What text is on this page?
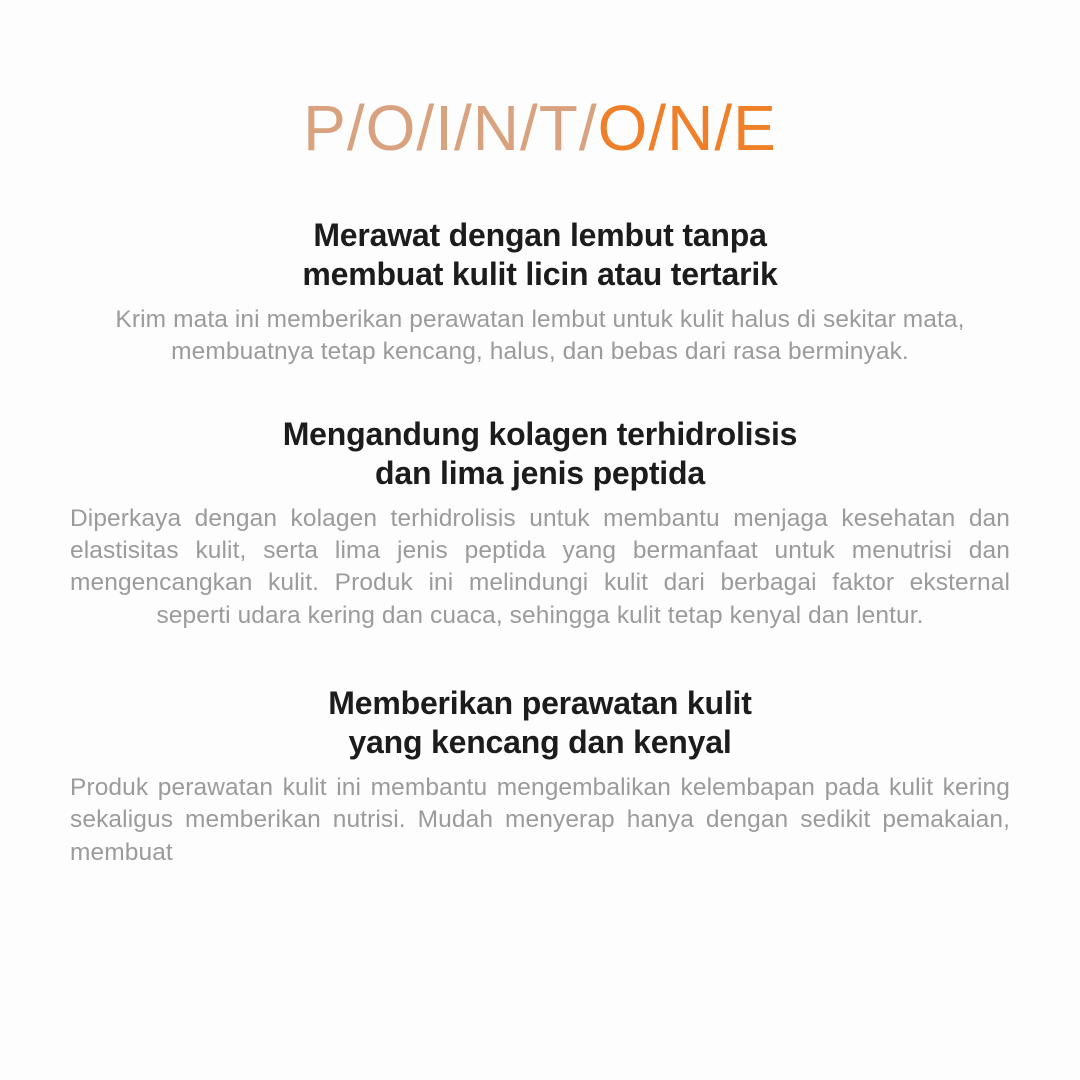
P/O/I/N/T/O/N/E
Merawat dengan lembut tanpa
membuat kulit licin atau tertarik

Krim mata ini memberikan perawatan lembut untuk kulit halus di sekitar mata, membuatnya tetap kencang, halus, dan bebas dari rasa berminyak.

Mengandung kolagen terhidrolisis
dan lima jenis peptida

Diperkaya dengan kolagen terhidrolisis untuk membantu menjaga kesehatan dan elastisitas kulit, serta lima jenis peptida yang bermanfaat untuk menutrisi dan mengencangkan kulit. Produk ini melindungi kulit dari berbagai faktor eksternal seperti udara kering dan cuaca, sehingga kulit tetap kenyal dan lentur.

Memberikan perawatan kulit
yang kencang dan kenyal

Produk perawatan kulit ini membantu mengembalikan kelembapan pada kulit kering sekaligus memberikan nutrisi. Mudah menyerap hanya dengan sedikit pemakaian, membuat
